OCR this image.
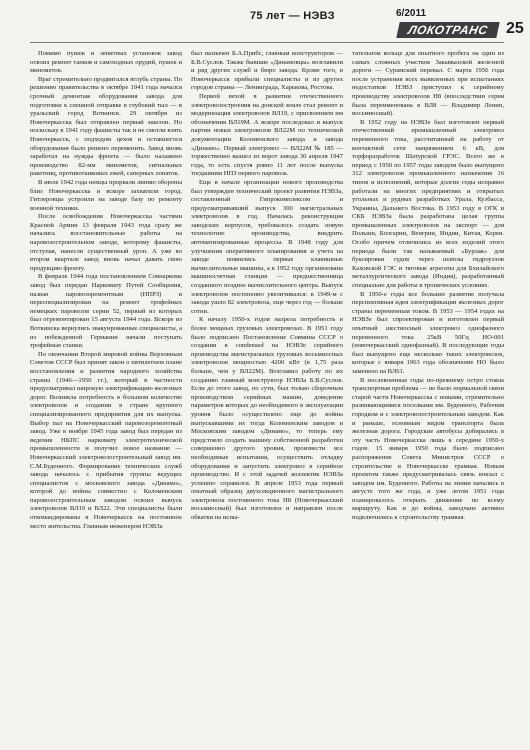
75 лет — НЭВЗ	6/2011
ЛОКОТРАНС	25

Помимо пушек и зенитных установок завод освоил ремонт танков и самоходных орудий, пушек и минометов.

Враг стремительно продвигался вглубь страны. По решению правительства в октябре 1941 года начался срочный демонтаж оборудования завода для подготовки к спешной отправке в глубокий тыл — в уральский город Воткинск. 29 октября из Новочеркасска был отправлен первый эшелон. Но поскольку в 1941 году фашисты так и не смогли взять Новочеркасск, с подходом цехов и оставшегося оборудования было решено переменить. Завод вновь заработал на нужды фронта — было налажено производство 82-мм минометов, сигнальных ракетниц, противотанковых ежей, саперных лопаток.

В июле 1942 года немцы прорвали линию обороны близ Новочеркасска и вскоре захватили город. Гитлеровцы устроили на заводе базу по ремонту военной техники.

После освобождения Новочеркасска частями Красной Армии 13 февраля 1943 года сразу же начались восстановительные работы на паровозостроительном заводе, которому фашисты, отступая, нанесли существенный урон. А уже во втором квартале завод вновь начал давать свою продукцию фронту.

В феврале 1944 года постановлением Совнаркома завод был передан Наркомату Путей Сообщения, назван паровозоремонтным (НПРЗ) и переспециализирован на ремонт трофейных немецких паровозов серии 52, первый из которых был отремонтирован 15 августа 1944 года. Вскоре из Воткинска вернулись эвакуированные специалисты, а из побежденной Германии начали поступать трофейные станки.

По окончании Второй мировой войны Верховным Советом СССР был принят закон о пятилетнем плане восстановления и развития народного хозяйства страны (1946—1950 гг.), который в частности предусматривал широкую электрификацию железных дорог. Возникла потребность в большом количестве электровозов и создании в стране крупного специализированного предприятия для их выпуска. Выбор пал на Новочеркасский паровозоремонтный завод. Уже в ноябре 1945 года завод был передан из ведения НКПС наркомату электротехнической промышленности и получил новое название — Новочеркасский электровозостроительный завод им. С.М.Буденного. Формирование технических служб завода началось с прибытия группы ведущих специалистов с московского завода «Динамо», которой до войны совместно с Коломенским паровозостроительным заводом освоил выпуск электровозов ВЛ19 и ВЛ22. Эти специалисты были откомандированы в Новочеркасск на постоянное место жительства. Главным инженером НЭВЗа

был назначен Б.А.Прибс, главным конструктором — Б.В.Суслов. Также бывшие «Динамовцы» возглавили и ряд других служб и бюро завода. Кроме того, в Новочеркасск прибыли специалисты и из других городов страны — Ленинграда, Харькова, Ростова.

Первой вехой в развитии отечественного электровозостроения на донской земле стал ремонт и модернизация электровозов ВЛ19, с присвоением им обозначения ВЛ19М. А вскоре последовал и выпуск партии новых электровозов ВЛ22М по технической документации Коломенского завода и завода «Динамо». Первый электровоз — ВЛ22М № 185 — торжественно вышел из ворот завода 30 апреля 1947 года, то есть спустя ровно 11 лет после выпуска тогдашним НПЗ первого паровоза.

Еще в начале организации нового производства был утвержден технический проект развития НЭВЗа, составленный Гипрокомплексом и предусматривавший выпуск 300 магистральных электровозов в год. Началась реконструкция заводских корпусов, требовалось создать новую технологию производства, внедрить автоматизированные процессы. В 1948 году для улучшения оперативного планирования и учета на заводе появились первые клавишные вычислительные машины, а в 1952 году организована машиносчетная станция — предшественница созданного позднее вычислительного центра. Выпуск электровозов постепенно увеличивался: в 1949-м с завода ушло 82 электровоза, еще через год — больше сотни.

К началу 1950-х годов назрела потребность в более мощных грузовых электровозах. В 1951 году было подписано Постановление Совмина СССР о создании в condensed на НЭВЗе серийного производства магистральных грузовых восьмиосных электровозов мощностью 4200 кВт (в 1,75 раза больше, чем у ВЛ22М). Возглавил работу по их созданию главный конструктор НЭВЗа Б.В.Суслов. Если до этого завод, по сути, был только сборочным производством серийных машин, доведение параметров которых до необходимого в эксплуатации уровня было осуществлено еще до войны выпускавшими их тогда Коломенским заводом и Московским заводом «Динамо», то теперь ему предстояло создать машину собственной разработки совершенно другого уровня, произвести все необходимые испытания, осуществить отладку оборудования и запустить электровоз в серийное производство. И с этой задачей коллектив НЭВЗа успешно справился. В апреле 1953 года первый опытный образец двухсекционного магистрального электровоза постоянного тока Н8 (Новочеркасский восьмиосный) был изготовлен и направлен после обкатки на испы-

тательном кольце для опытного пробега на один из самых сложных участков Закавказской железной дороги — Сурамский перевал. С марта 1956 года после устранения всех выявленных при испытаниях недостатков НЭВЗ приступил к серийному производству электровозов Н8 (впоследствии серия была переименована в ВЛ8 — Владимир Ленин, восьмиосный).

В 1952 году на НЭВЗе был изготовлен первый отечественный промышленный электровоз переменного тока, рассчитанный на работу от контактной сети напряжением 6 кВ, для торфоразработок Шатурской ГРЭС. Всего же в период с 1950 по 1957 годы заводом было выпущено 312 электровозов промышленного назначения 16 типов и исполнений, которые долгие годы исправно работали на многих предприятиях и открытых угольных и рудных разработках Урала, Кузбасса, Украины, Дальнего Востока. В 1953 году в ОГК и СКБ НЭВЗа была разработана целая группа промышленных электровозов на экспорт — для Польши, Болгарии, Венгрии, Индии, Китая, Кореи. Особо причем отличились из всех изделий этого периода были так называемый «Бурлак» для буксировки судов через шлюзы гидроузлов Каховской ГЭС и тяговые агрегаты для Бхилайского металлургического завода (Индия), разработанный специально для работы в тропических условиях.

В 1950-е годы все большее развитие получала перспективная идея электрификации железных дорог страны переменным током. В 1953 — 1954 годах на НЭВЗе был спроектирован и изготовлен первый опытный шестиосный электровоз однофазного переменного тока 25кВ 50Гц НО-001 (новочеркасский однофазный). В последующие годы был выпущено еще несколько таких электровозов, которые с января 1963 года обозначение НО было заменено на ВЛ61.

В послевоенные годы по-прежнему остро стояла транспортная проблема — не было нормальной связи старой части Новочеркасска с новыми, стремительно развивающимися поселками им. Буденного, Рабочим городком и с электровозостроительным заводом. Как и раньше, основным видом транспорта была железная дорога. Городские автобусы добирались в эту часть Новочеркасска лишь к середине 1950-х годов. 15 января 1950 года было подписано распоряжение Совета Министров СССР о строительстве в Новочеркасске трамвая. Новым проектом также предусматривалась связь вокзал с заводом им. Буденного. Работы на линии начались в августе того же года, и уже летом 1951 года планировалось открыть движение по всему маршруту. Как и до войны, заводчане активно подключились к строительству трамвая.
